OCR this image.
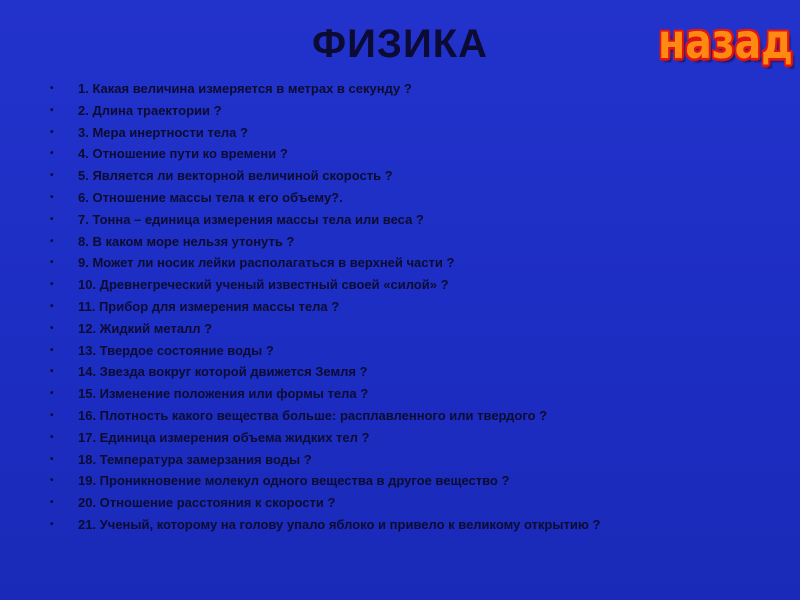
ФИЗИКА	назад
• 1. Какая величина измеряется в метрах в секунду ?
• 2. Длина траектории ?
• 3. Мера инертности тела ?
• 4. Отношение пути ко времени ?
• 5. Является ли векторной величиной скорость ?
• 6. Отношение массы тела к его объему?.
• 7. Тонна – единица измерения массы тела или веса ?
• 8. В каком море нельзя утонуть ?
• 9. Может ли носик лейки располагаться в верхней части ?
• 10. Древнегреческий ученый известный своей «силой» ?
• 11. Прибор для измерения массы тела ?
• 12. Жидкий металл ?
• 13. Твердое состояние воды ?
• 14. Звезда вокруг которой движется Земля ?
• 15. Изменение положения или формы тела ?
• 16. Плотность какого вещества больше: расплавленного или твердого ?
• 17. Единица измерения объема жидких тел ?
• 18. Температура замерзания воды ?
• 19. Проникновение молекул одного вещества в другое вещество ?
• 20. Отношение расстояния к скорости ?
• 21. Ученый, которому на голову упало яблоко и привело к великому открытию ?
